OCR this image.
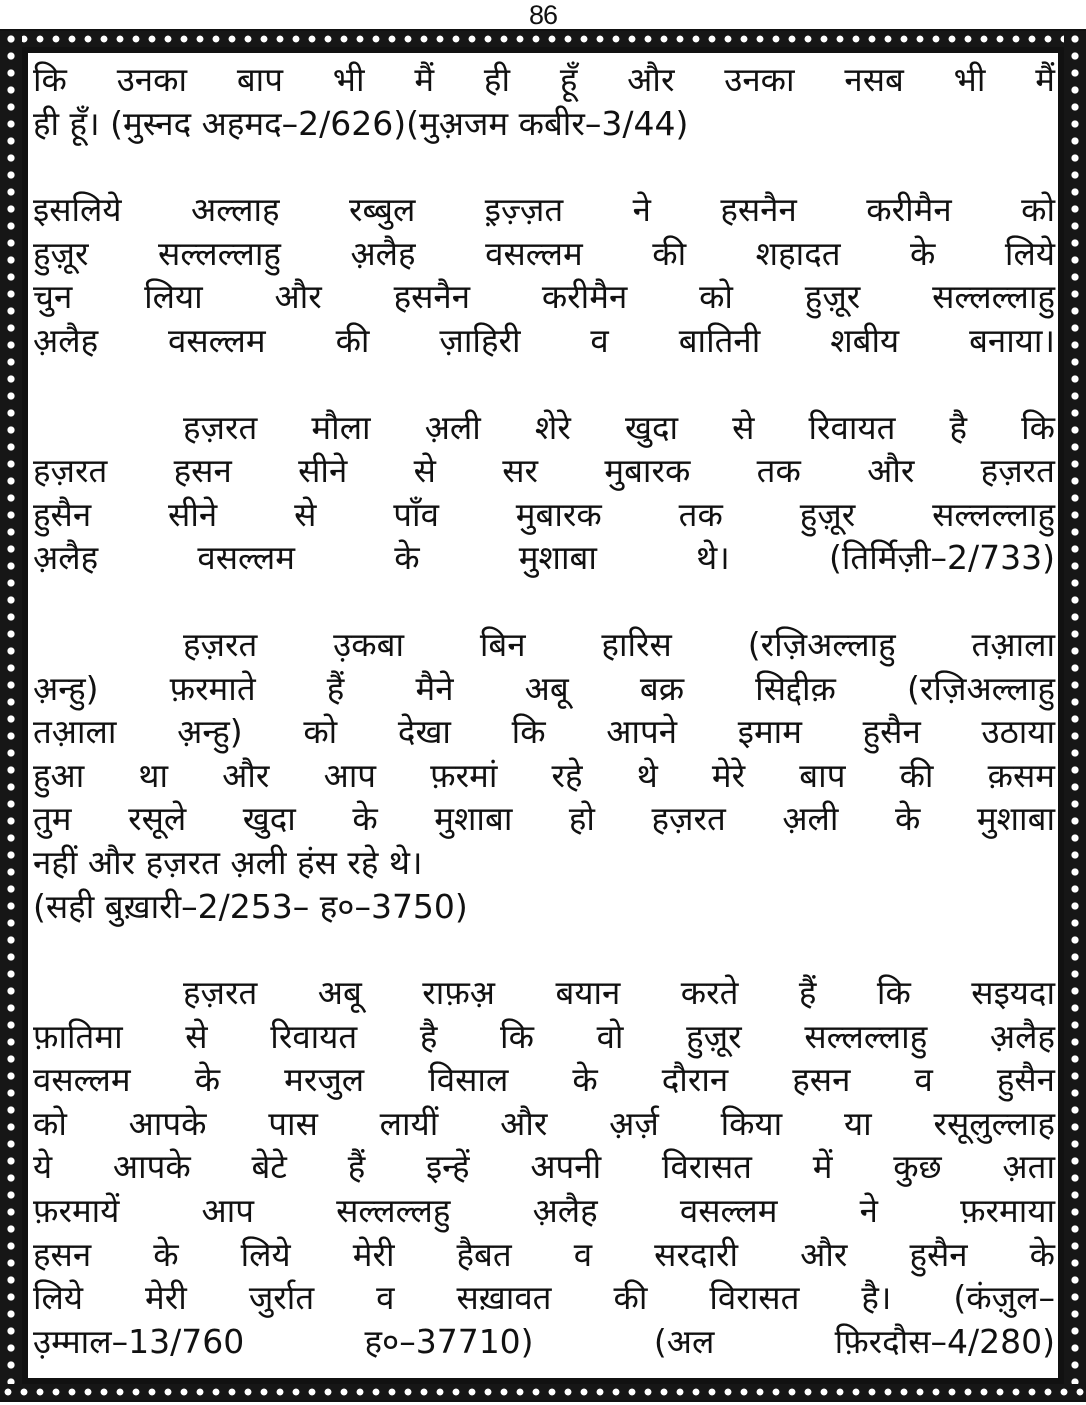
86
कि उनका बाप भी मैं ही हूँ और उनका नसब भी मैं
ही हूँ। (मुस्नद अहमद–2/626)(मुअ़जम कबीर–3/44)
इसलिये अल्लाह रब्बुल इ़ज़्ज़त ने हसनैन करीमैन को
हुज़ूर सल्लल्लाहु अ़लैह वसल्लम की शहादत के लिये
चुन लिया और हसनैन करीमैन को हुज़ूर सल्लल्लाहु
अ़लैह वसल्लम की ज़ाहिरी व बातिनी शबीय बनाया।
हज़रत मौला अ़ली शेरे खुदा से रिवायत है कि
हज़रत हसन सीने से सर मुबारक तक और हज़रत
हुसैन सीने से पाँव मुबारक तक हुज़ूर सल्लल्लाहु
अ़लैह वसल्लम के मुशाबा थे। (तिर्मिज़ी–2/733)
हज़रत उ़कबा बिन हारिस (रज़िअल्लाहु तआ़ला
अ़न्हु) फ़रमाते हैं मैने अबू बक्र सिद्दीक़ (रज़िअल्लाहु
तआ़ला अ़न्हु) को देखा कि आपने इमाम हुसैन उठाया
हुआ था और आप फ़रमां रहे थे मेरे बाप की क़सम
तुम रसूले खुदा के मुशाबा हो हज़रत अ़ली के मुशाबा
नहीं और हज़रत अ़ली हंस रहे थे।
(सही बुख़ारी–2/253– ह०–3750)
हज़रत अबू राफ़अ़ बयान करते हैं कि सइयदा
फ़ातिमा से रिवायत है कि वो हुज़ूर सल्लल्लाहु अ़लैह
वसल्लम के मरजुल विसाल के दौरान हसन व हुसैन
को आपके पास लायीं और अ़र्ज़ किया या रसूलुल्लाह
ये आपके बेटे हैं इन्हें अपनी विरासत में कुछ अ़ता
फ़रमायें आप सल्लल्लहु अ़लैह वसल्लम ने फ़रमाया
हसन के लिये मेरी हैबत व सरदारी और हुसैन के
लिये मेरी जुर्रात व सख़ावत की विरासत है। (कंज़ुल–
उ़म्माल–13/760 ह०–37710) (अल फ़िरदौस–4/280)
